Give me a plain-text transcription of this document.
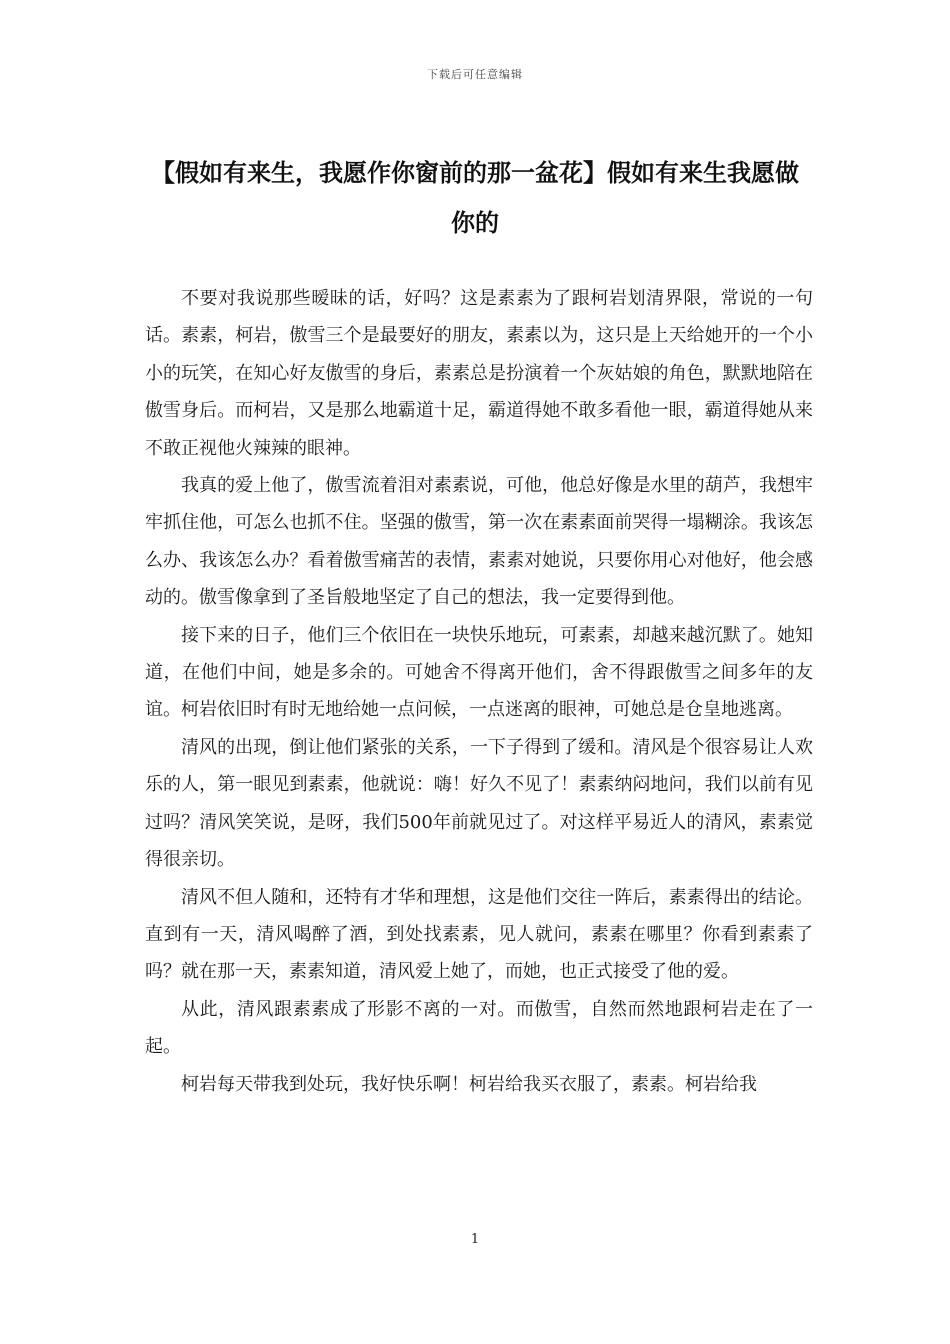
下载后可任意编辑
【假如有来生，我愿作你窗前的那一盆花】假如有来生我愿做你的

不要对我说那些暧昧的话，好吗？这是素素为了跟柯岩划清界限，常说的一句话。素素，柯岩，傲雪三个是最要好的朋友，素素以为，这只是上天给她开的一个小小的玩笑，在知心好友傲雪的身后，素素总是扮演着一个灰姑娘的角色，默默地陪在傲雪身后。而柯岩，又是那么地霸道十足，霸道得她不敢多看他一眼，霸道得她从来不敢正视他火辣辣的眼神。

我真的爱上他了，傲雪流着泪对素素说，可他，他总好像是水里的葫芦，我想牢牢抓住他，可怎么也抓不住。坚强的傲雪，第一次在素素面前哭得一塌糊涂。我该怎么办、我该怎么办？看着傲雪痛苦的表情，素素对她说，只要你用心对他好，他会感动的。傲雪像拿到了圣旨般地坚定了自己的想法，我一定要得到他。

接下来的日子，他们三个依旧在一块快乐地玩，可素素，却越来越沉默了。她知道，在他们中间，她是多余的。可她舍不得离开他们，舍不得跟傲雪之间多年的友谊。柯岩依旧时有时无地给她一点问候，一点迷离的眼神，可她总是仓皇地逃离。

清风的出现，倒让他们紧张的关系，一下子得到了缓和。清风是个很容易让人欢乐的人，第一眼见到素素，他就说：嗨！好久不见了！素素纳闷地问，我们以前有见过吗？清风笑笑说，是呀，我们500年前就见过了。对这样平易近人的清风，素素觉得很亲切。

清风不但人随和，还特有才华和理想，这是他们交往一阵后，素素得出的结论。直到有一天，清风喝醉了酒，到处找素素，见人就问，素素在哪里？你看到素素了吗？就在那一天，素素知道，清风爱上她了，而她，也正式接受了他的爱。

从此，清风跟素素成了形影不离的一对。而傲雪，自然而然地跟柯岩走在了一起。

柯岩每天带我到处玩，我好快乐啊！柯岩给我买衣服了，素素。柯岩给我

1
